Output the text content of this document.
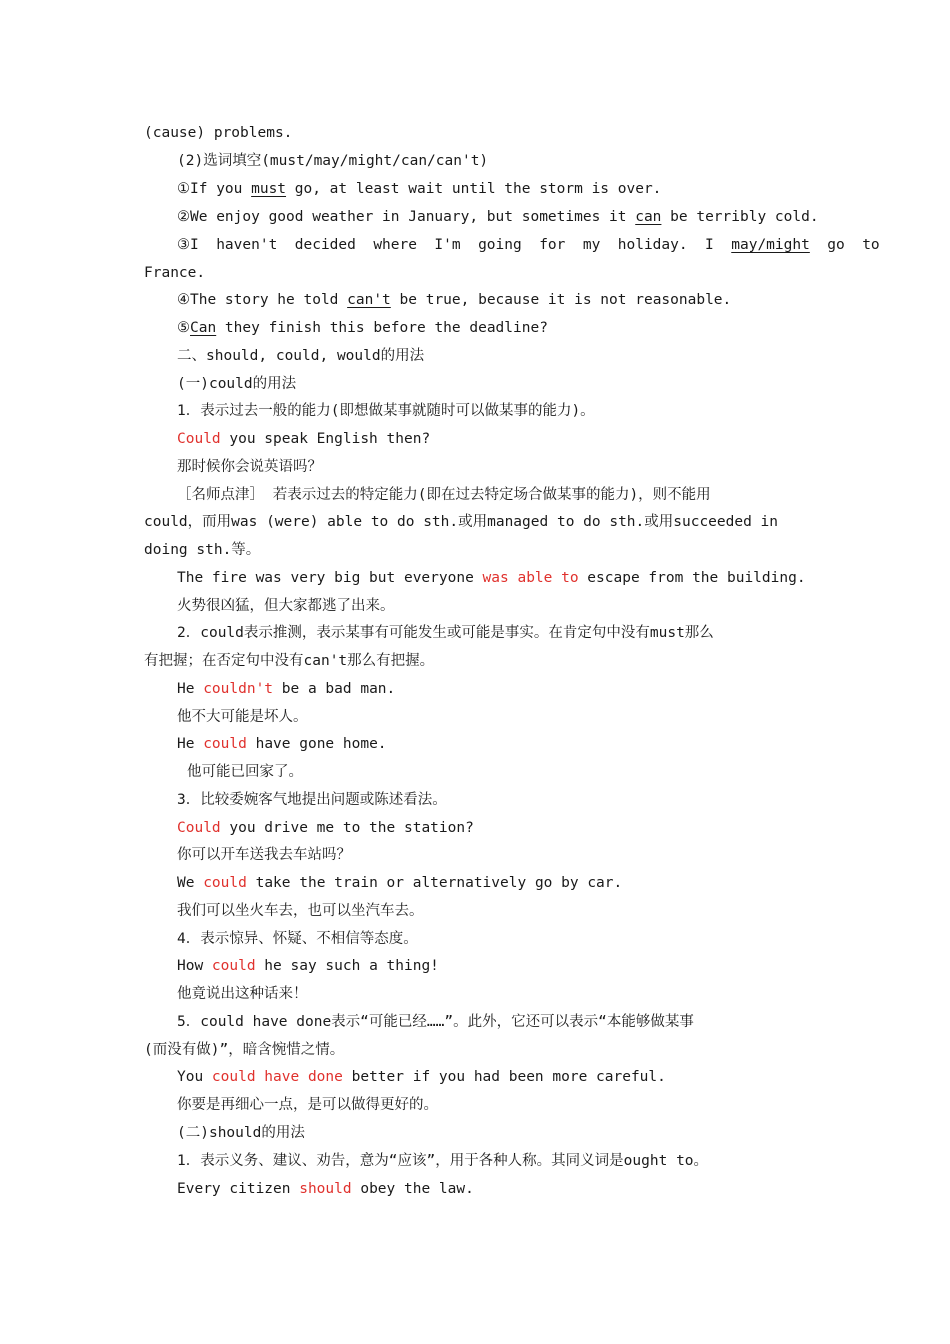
(cause) problems.
(2)选词填空(must/may/might/can/can't)
①If you must go, at least wait until the storm is over.
②We enjoy good weather in January, but sometimes it can be terribly cold.
③I  haven't  decided  where  I'm  going  for  my  holiday.  I  may/might  go  to
France.
④The story he told can't be true, because it is not reasonable.
⑤Can they finish this before the deadline?
二、should, could, would的用法
(一)could的用法
1．表示过去一般的能力(即想做某事就随时可以做某事的能力)。
Could you speak English then?
那时候你会说英语吗？
［名师点津］ 若表示过去的特定能力(即在过去特定场合做某事的能力)，则不能用
could，而用was (were) able to do sth.或用managed to do sth.或用succeeded in
doing sth.等。
The fire was very big but everyone was able to escape from the building.
火势很凶猛，但大家都逃了出来。
2．could表示推测，表示某事有可能发生或可能是事实。在肯定句中没有must那么
有把握；在否定句中没有can't那么有把握。
He couldn't be a bad man.
他不大可能是坏人。
He could have gone home.
他可能已回家了。
3．比较委婉客气地提出问题或陈述看法。
Could you drive me to the station?
你可以开车送我去车站吗？
We could take the train or alternatively go by car.
我们可以坐火车去，也可以坐汽车去。
4．表示惊异、怀疑、不相信等态度。
How could he say such a thing!
他竟说出这种话来！
5．could have done表示“可能已经……”。此外，它还可以表示“本能够做某事
(而没有做)”，暗含惋惜之情。
You could have done better if you had been more careful.
你要是再细心一点，是可以做得更好的。
(二)should的用法
1．表示义务、建议、劝告，意为“应该”，用于各种人称。其同义词是ought to。
Every citizen should obey the law.
